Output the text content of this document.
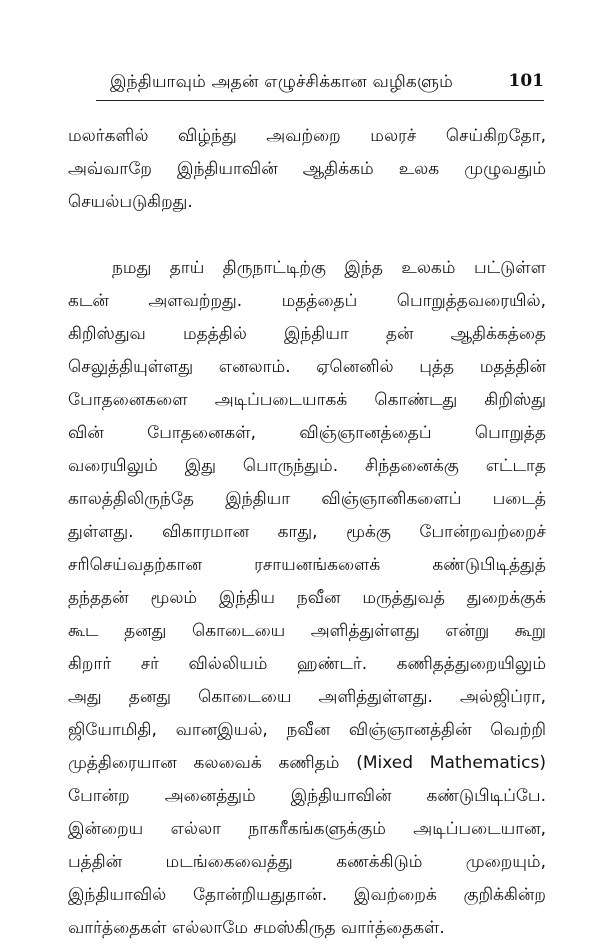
இந்தியாவும் அதன் எழுச்சிக்கான வழிகளும்	101
மலர்களில் விழ்ந்து அவற்றை மலரச் செய்கிறதோ,
அவ்வாறே இந்தியாவின் ஆதிக்கம் உலக முழுவதும்
செயல்படுகிறது.
நமது தாய் திருநாட்டிற்கு இந்த உலகம் பட்டுள்ள
கடன் அளவற்றது. மதத்தைப் பொறுத்தவரையில்,
கிறிஸ்துவ மதத்தில் இந்தியா தன் ஆதிக்கத்தை
செலுத்தியுள்ளது எனலாம். ஏனெனில் புத்த மதத்தின்
போதனைகளை அடிப்படையாகக் கொண்டது கிறிஸ்து
வின் போதனைகள், விஞ்ஞானத்தைப் பொறுத்த
வரையிலும் இது பொருந்தும். சிந்தனைக்கு எட்டாத
காலத்திலிருந்தே இந்தியா விஞ்ஞானிகளைப் படைத்
துள்ளது. விகாரமான காது, மூக்கு போன்றவற்றைச்
சரிசெய்வதற்கான ரசாயனங்களைக் கண்டுபிடித்துத்
தந்ததன் மூலம் இந்திய நவீன மருத்துவத் துறைக்குக்
கூட தனது கொடையை அளித்துள்ளது என்று கூறு
கிறார் சர் வில்லியம் ஹண்டர். கணிதத்துறையிலும்
அது தனது கொடையை அளித்துள்ளது. அல்ஜிப்ரா,
ஜியோமிதி, வானஇயல், நவீன விஞ்ஞானத்தின் வெற்றி
முத்திரையான கலவைக் கணிதம் (Mixed Mathematics)
போன்ற அனைத்தும் இந்தியாவின் கண்டுபிடிப்பே.
இன்றைய எல்லா நாகரீகங்களுக்கும் அடிப்படையான,
பத்தின் மடங்கைவைத்து கணக்கிடும் முறையும்,
இந்தியாவில் தோன்றியதுதான். இவற்றைக் குறிக்கின்ற
வார்த்தைகள் எல்லாமே சமஸ்கிருத வார்த்தைகள்.
